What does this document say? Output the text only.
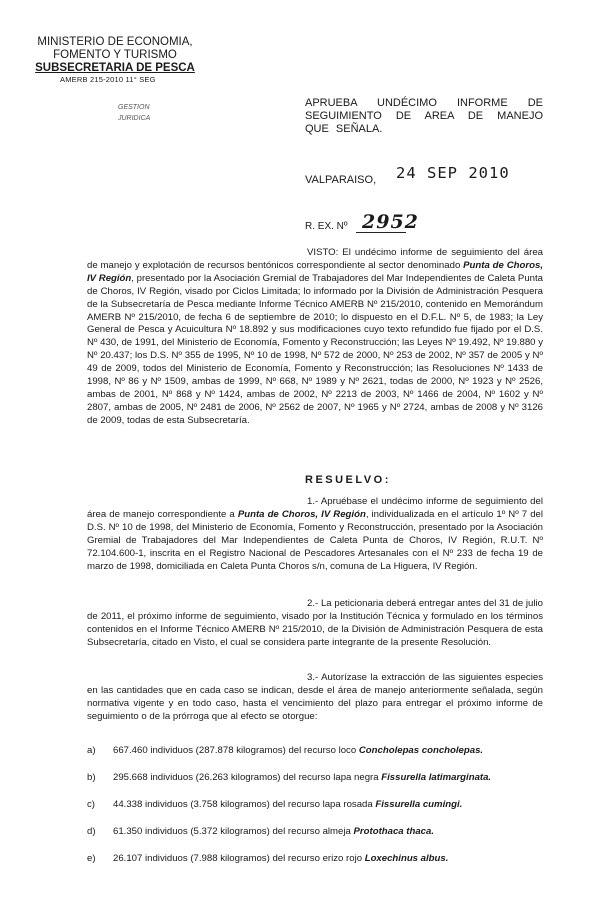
MINISTERIO DE ECONOMIA,
FOMENTO Y TURISMO
SUBSECRETARIA DE PESCA
AMERB 215-2010 11° SEG
GESTION
JURIDICA
APRUEBA UNDÉCIMO INFORME DE SEGUIMIENTO DE AREA DE MANEJO QUE SEÑALA.
VALPARAISO, 24 SEP 2010
R. EX. Nº 2952
VISTO: El undécimo informe de seguimiento del área de manejo y explotación de recursos bentónicos correspondiente al sector denominado Punta de Choros, IV Región, presentado por la Asociación Gremial de Trabajadores del Mar Independientes de Caleta Punta de Choros, IV Región, visado por Ciclos Limitada; lo informado por la División de Administración Pesquera de la Subsecretaría de Pesca mediante Informe Técnico AMERB Nº 215/2010, contenido en Memorándum AMERB Nº 215/2010, de fecha 6 de septiembre de 2010; lo dispuesto en el D.F.L. Nº 5, de 1983; la Ley General de Pesca y Acuicultura Nº 18.892 y sus modificaciones cuyo texto refundido fue fijado por el D.S. Nº 430, de 1991, del Ministerio de Economía, Fomento y Reconstrucción; las Leyes Nº 19.492, Nº 19.880 y Nº 20.437; los D.S. Nº 355 de 1995, Nº 10 de 1998, Nº 572 de 2000, Nº 253 de 2002, Nº 357 de 2005 y Nº 49 de 2009, todos del Ministerio de Economía, Fomento y Reconstrucción; las Resoluciones Nº 1433 de 1998, Nº 86 y Nº 1509, ambas de 1999, Nº 668, Nº 1989 y Nº 2621, todas de 2000, Nº 1923 y Nº 2526, ambas de 2001, Nº 868 y Nº 1424, ambas de 2002, Nº 2213 de 2003, Nº 1466 de 2004, Nº 1602 y Nº 2807, ambas de 2005, Nº 2481 de 2006, Nº 2562 de 2007, Nº 1965 y Nº 2724, ambas de 2008 y Nº 3126 de 2009, todas de esta Subsecretaría.
RESUELVO:
1.- Apruébase el undécimo informe de seguimiento del área de manejo correspondiente a Punta de Choros, IV Región, individualizada en el artículo 1º Nº 7 del D.S. Nº 10 de 1998, del Ministerio de Economía, Fomento y Reconstrucción, presentado por la Asociación Gremial de Trabajadores del Mar Independientes de Caleta Punta de Choros, IV Región, R.U.T. Nº 72.104.600-1, inscrita en el Registro Nacional de Pescadores Artesanales con el Nº 233 de fecha 19 de marzo de 1998, domiciliada en Caleta Punta Choros s/n, comuna de La Higuera, IV Región.
2.- La peticionaria deberá entregar antes del 31 de julio de 2011, el próximo informe de seguimiento, visado por la Institución Técnica y formulado en los términos contenidos en el Informe Técnico AMERB Nº 215/2010, de la División de Administración Pesquera de esta Subsecretaría, citado en Visto, el cual se considera parte integrante de la presente Resolución.
3.- Autorízase la extracción de las siguientes especies en las cantidades que en cada caso se indican, desde el área de manejo anteriormente señalada, según normativa vigente y en todo caso, hasta el vencimiento del plazo para entregar el próximo informe de seguimiento o de la prórroga que al efecto se otorgue:
a) 667.460 individuos (287.878 kilogramos) del recurso loco Concholepas concholepas.
b) 295.668 individuos (26.263 kilogramos) del recurso lapa negra Fissurella latimarginata.
c) 44.338 individuos (3.758 kilogramos) del recurso lapa rosada Fissurella cumingi.
d) 61.350 individuos (5.372 kilogramos) del recurso almeja Protothaca thaca.
e) 26.107 individuos (7.988 kilogramos) del recurso erizo rojo Loxechinus albus.
